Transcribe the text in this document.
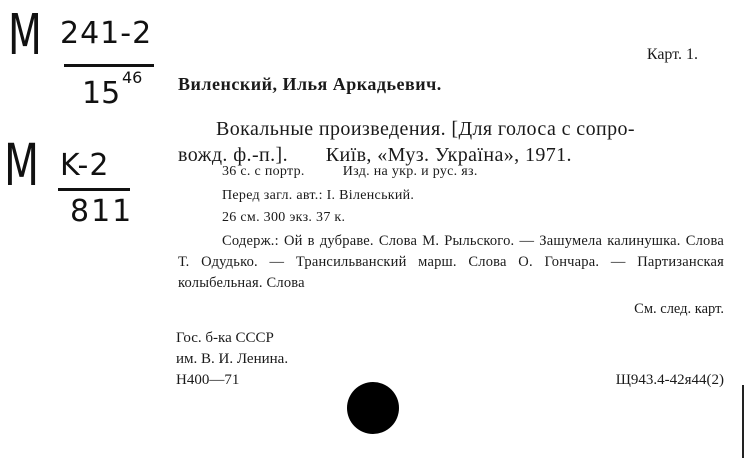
M 241-2
15 46
M K-2
811
Карт. 1.
Виленский, Илья Аркадьевич.
Вокальные произведения. [Для голоса с сопро-
вожд. ф.-п.].       Київ, «Муз. Україна», 1971.
36 с. с портр.          Изд. на укр. и рус. яз.
Перед загл. авт.: І. Віленський.
26 см. 300 экз. 37 к.
Содерж.: Ой в дубраве. Слова М. Рыльского. — Зашумела калинушка. Слова Т. Одудько. — Трансильванский марш. Слова О. Гончара. — Партизанская колыбельная. Слова
См. след. карт.
Гос. б-ка СССР
им. В. И. Ленина.
Н400—71	Щ943.4-42я44(2)
